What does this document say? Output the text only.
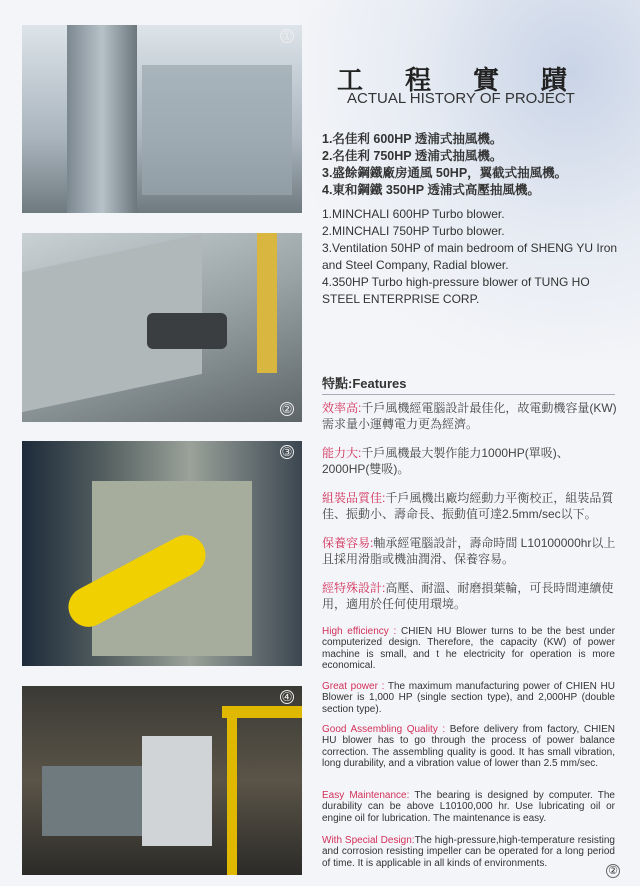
①
②
③
④
工程實蹟
ACTUAL HISTORY OF PROJECT
1.名佳利 600HP 透浦式抽風機。
2.名佳利 750HP 透浦式抽風機。
3.盛餘鋼鐵廠房通風 50HP，翼截式抽風機。
4.東和鋼鐵 350HP 透浦式高壓抽風機。
1.MINCHALI 600HP Turbo blower.
2.MINCHALI 750HP Turbo blower.
3.Ventilation 50HP of main bedroom of SHENG YU Iron and Steel Company, Radial blower.
4.350HP Turbo high-pressure blower of TUNG HO STEEL ENTERPRISE CORP.
特點:Features
效率高:千戶風機經電腦設計最佳化，故電動機容量(KW)需求量小運轉電力更為經濟。
能力大:千戶風機最大製作能力1000HP(單吸)、 2000HP(雙吸)。
組裝品質佳:千戶風機出廠均經動力平衡校正，組裝品質佳、振動小、壽命長、振動值可達2.5mm/sec以下。
保養容易:軸承經電腦設計，壽命時間 L10100000hr以上且採用滑脂或機油潤滑、保養容易。
經特殊設計:高壓、耐溫、耐磨損葉輪，可長時間連續使用，適用於任何使用環境。
High efficiency : CHIEN HU Blower turns to be the best under computerized design. Therefore, the capacity (KW) of power machine is small, and t he electricity for operation is more economical.
Great power : The maximum manufacturing power of CHIEN HU Blower is 1,000 HP (single section type), and 2,000HP (double section type).
Good Assembling Quality : Before delivery from factory, CHIEN HU blower has to go through the process of power balance correction. The assembling quality is good. It has small vibration, long durability, and a vibration value of lower than 2.5 mm/sec.
Easy Maintenance: The bearing is designed by computer. The durability can be above L10100,000 hr. Use lubricating oil or engine oil for lubrication. The maintenance is easy.
With Special Design:The high-pressure,high-temperature resisting and corrosion resisting impeller can be operated for a long period of time. It is applicable in all kinds of environments.
②
